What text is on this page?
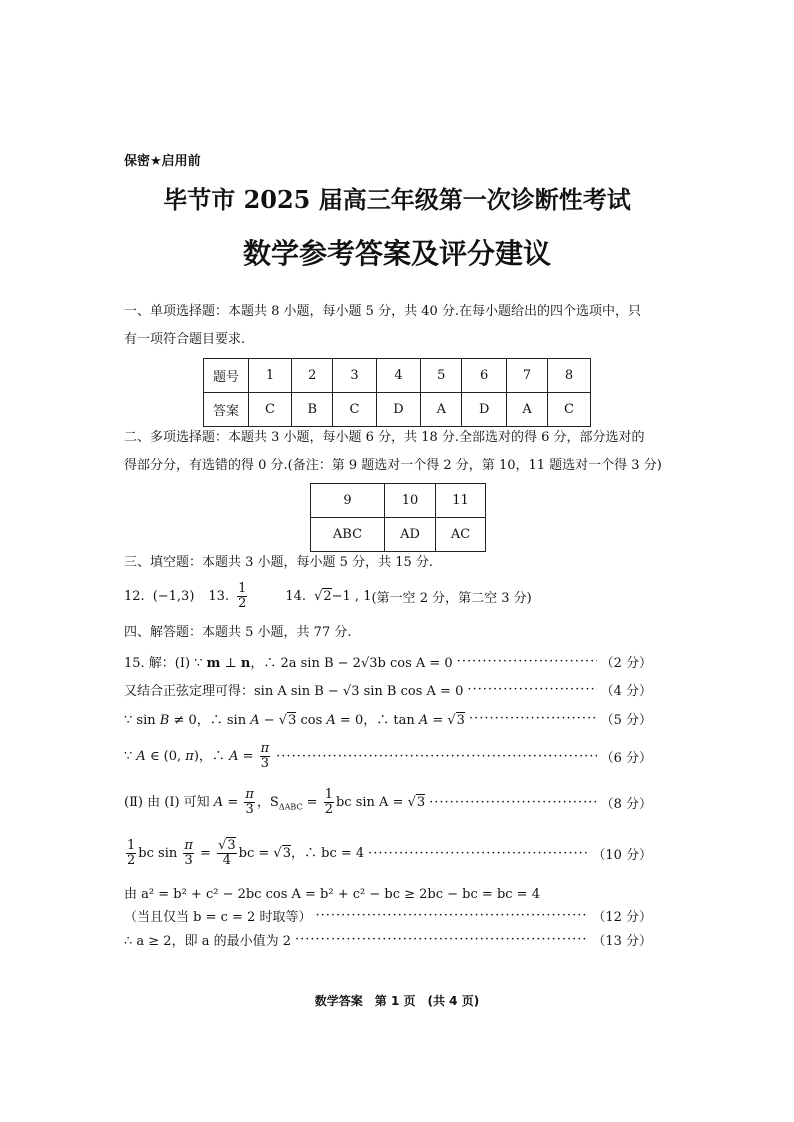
保密★启用前
毕节市 2025 届高三年级第一次诊断性考试
数学参考答案及评分建议
一、单项选择题：本题共 8 小题，每小题 5 分，共 40 分.在每小题给出的四个选项中，只
有一项符合题目要求.
题号	1	2	3	4	5	6	7	8
答案	C	B	C	D	A	D	A	C
二、多项选择题：本题共 3 小题，每小题 6 分，共 18 分.全部选对的得 6 分，部分选对的
得部分分，有选错的得 0 分.(备注：第 9 题选对一个得 2 分，第 10，11 题选对一个得 3 分)
9	10	11
ABC	AD	AC
三、填空题：本题共 3 小题，每小题 5 分，共 15 分.
12. (−1,3) 13. $\frac{1}{2}$	14. √2 −1 , 1 (第一空 2 分，第二空 3 分)
四、解答题：本题共 5 小题，共 77 分.
15. 解：(Ⅰ) ∵ m ⊥ n，∴ 2a sin B − 2√3b cos A = 0 ·····	（2 分）
又结合正弦定理可得：sin A sin B − √3 sin B cos A = 0 ·····	（4 分）
∵ sin B ≠ 0，∴ sin A − √3 cos A = 0，∴ tan A = √3 ·····	（5 分）
∵ A ∈ (0, π)，∴ $A = \frac{\pi}{3}$ ·····	（6 分）
(Ⅱ) 由 (Ⅰ) 可知 $A = \frac{\pi}{3}$ ，$S_{\Delta ABC} = \frac{1}{2}$ bc sin A = √3 ·····	（8 分）
$\frac{1}{2}$ bc $\sin \frac{\pi}{3} = \frac{√3}{4}$ bc = √3，∴ bc = 4 ·····	（10 分）
由 a² = b² + c² − 2bc cos A = b² + c² − bc ≥ 2bc − bc = bc = 4
（当且仅当 b = c = 2 时取等） ·····	（12 分）
∴ a ≥ 2，即 a 的最小值为 2 ·····	（13 分）
数学答案　第 1 页　(共 4 页)
